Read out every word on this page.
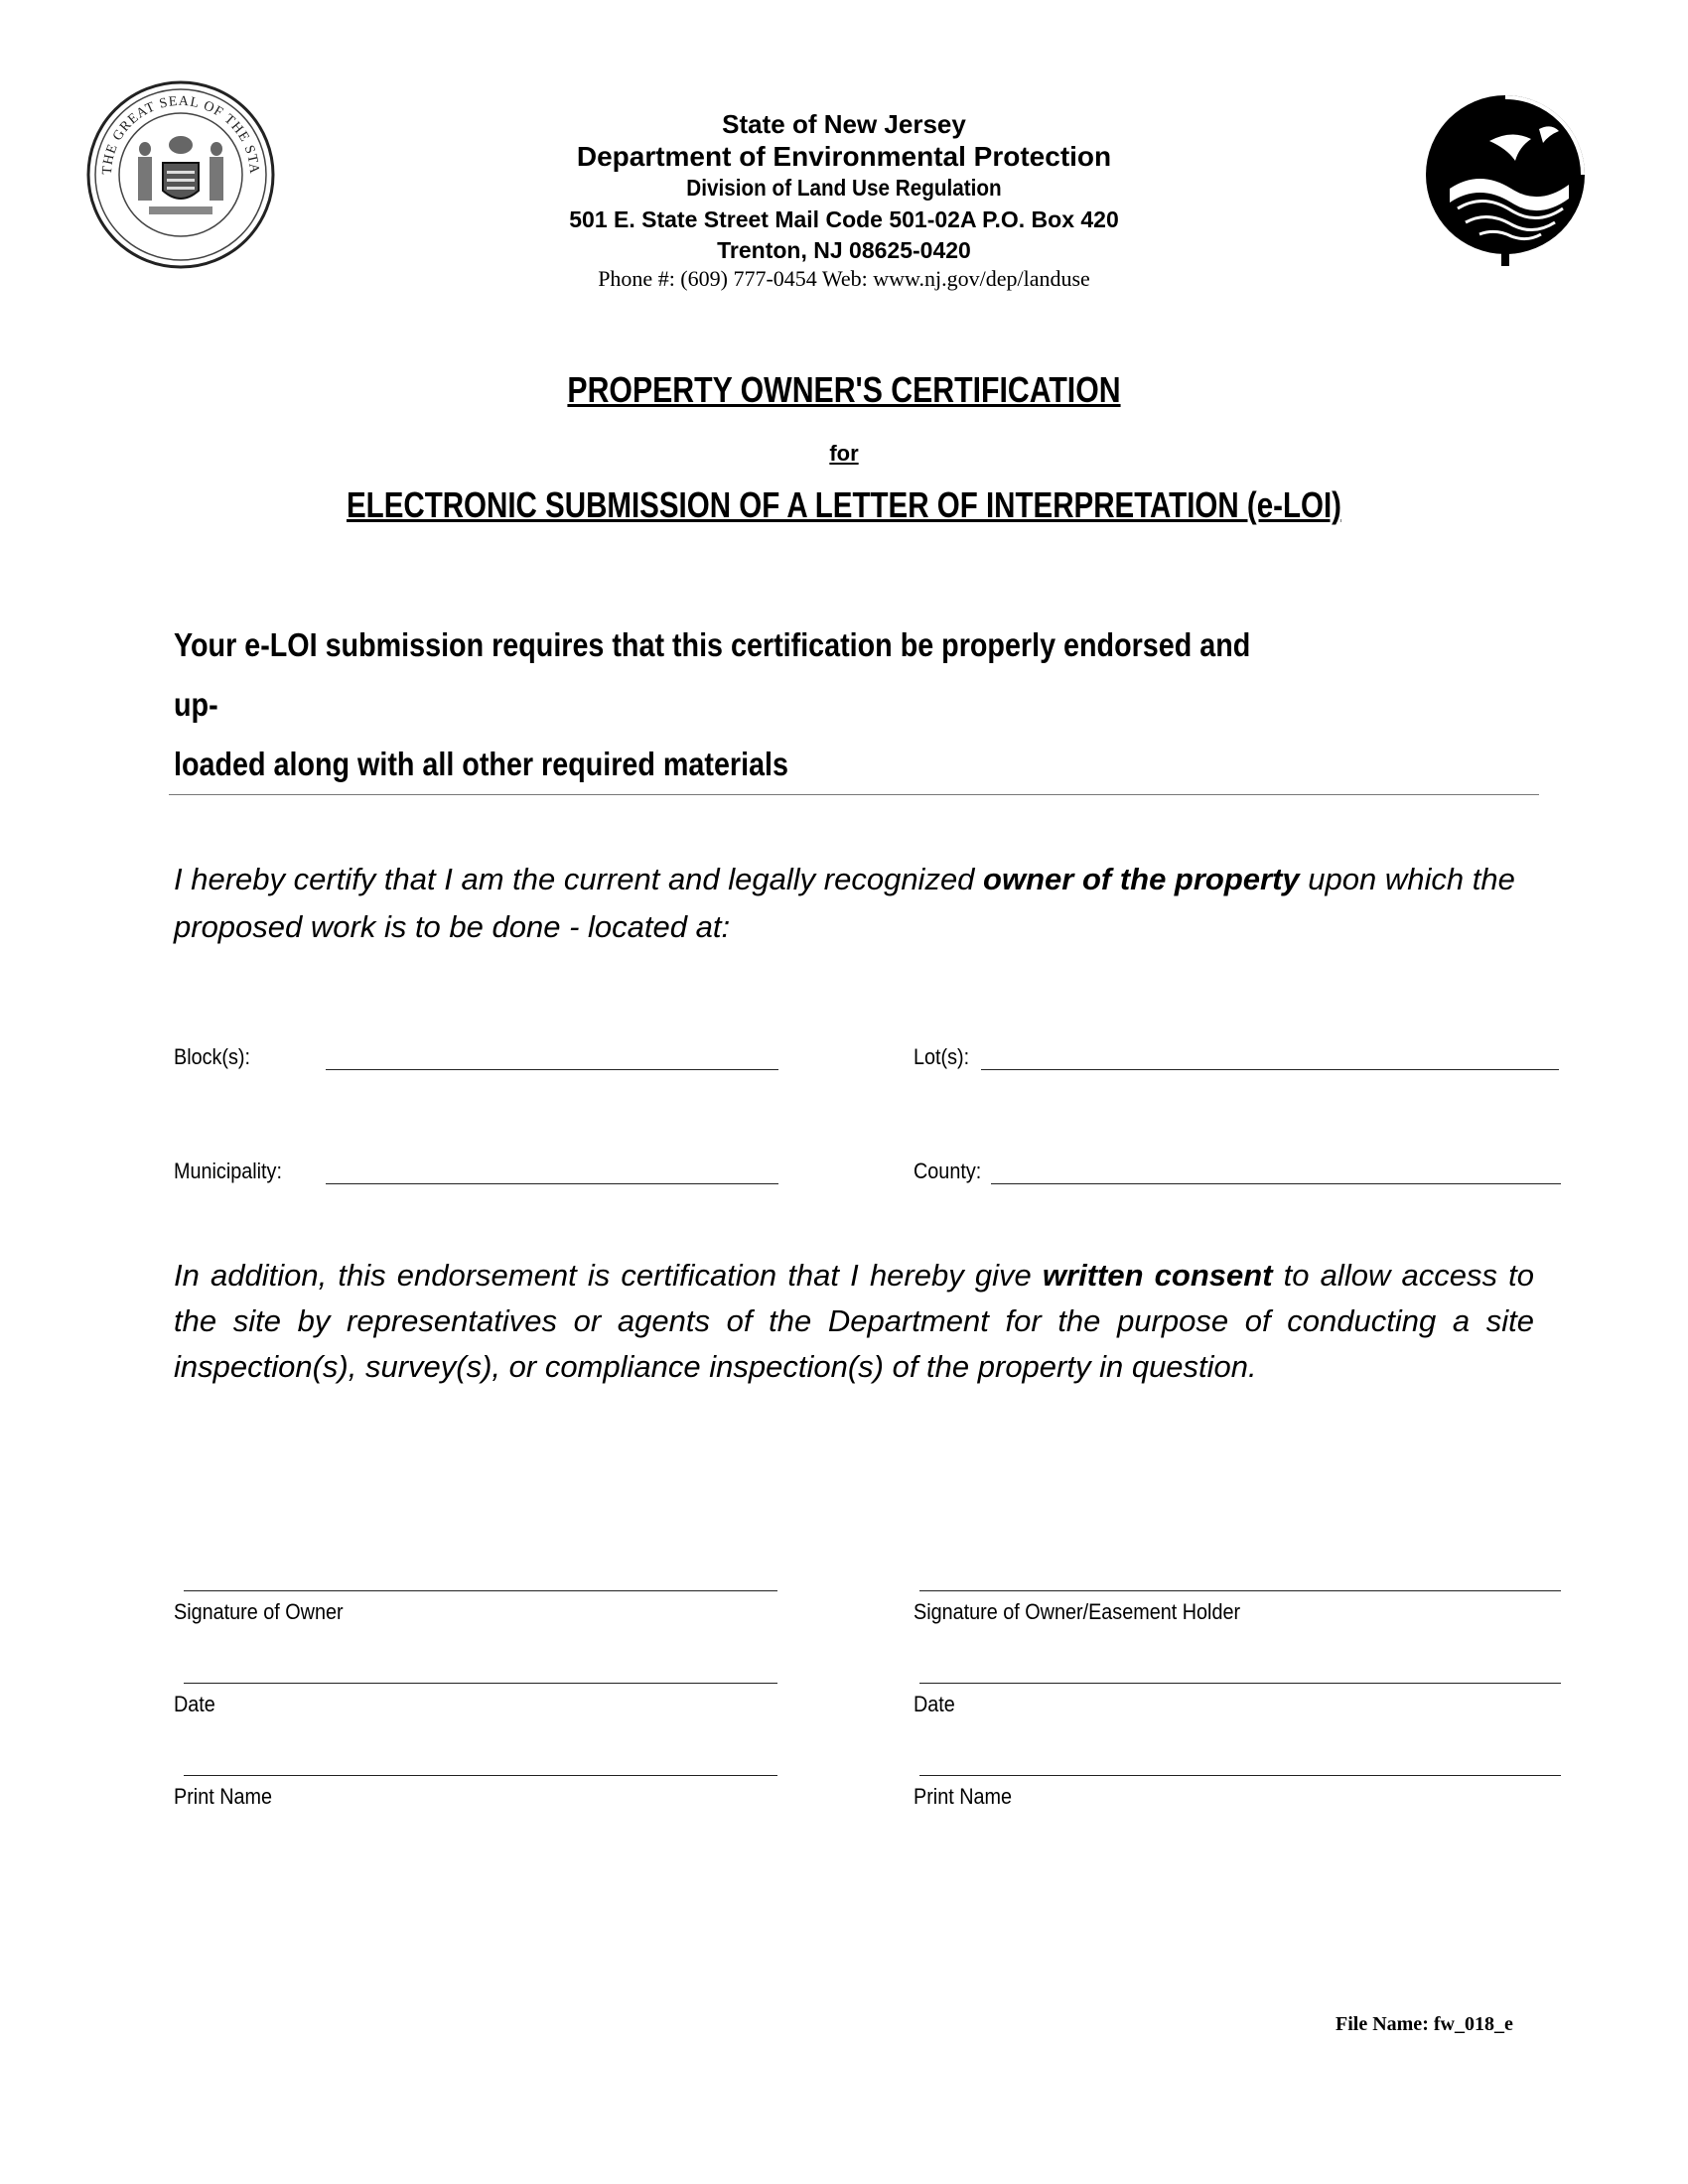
THE GREAT SEAL OF THE STA
State of New Jersey
Department of Environmental Protection
Division of Land Use Regulation
501 E. State Street Mail Code 501-02A P.O. Box 420
Trenton, NJ 08625-0420
Phone #: (609) 777-0454 Web: www.nj.gov/dep/landuse
PROPERTY OWNER'S CERTIFICATION
for
ELECTRONIC SUBMISSION OF A LETTER OF INTERPRETATION (e-LOI)
Your e-LOI submission requires that this certification be properly endorsed and up-
loaded along with all other required materials
I hereby certify that I am the current and legally recognized owner of the property upon which the proposed work is to be done - located at:
Block(s):	Lot(s):
Municipality:	County:
In addition, this endorsement is certification that I hereby give written consent to allow access to the site by representatives or agents of the Department for the purpose of conducting a site inspection(s), survey(s), or compliance inspection(s) of the property in question.
Signature of Owner
Date
Print Name
Signature of Owner/Easement Holder
Date
Print Name
File Name: fw_018_e
